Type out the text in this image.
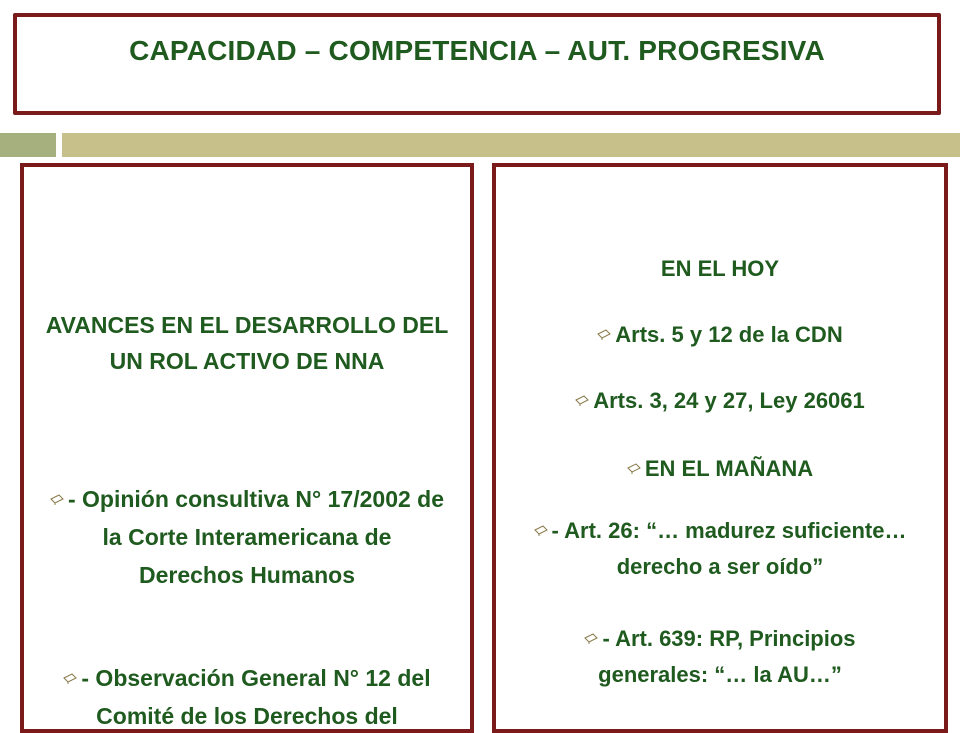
CAPACIDAD – COMPETENCIA – AUT. PROGRESIVA
AVANCES EN EL DESARROLLO DEL UN ROL ACTIVO DE NNA
- Opinión consultiva N° 17/2002 de la Corte Interamericana de Derechos Humanos
- Observación General N° 12 del Comité de los Derechos del
EN EL HOY
Arts. 5 y 12 de la CDN
Arts. 3, 24 y 27, Ley 26061
EN EL MAÑANA
- Art. 26: “… madurez suficiente…derecho a ser oído”
- Art. 639: RP, Principios generales: “… la AU…”
